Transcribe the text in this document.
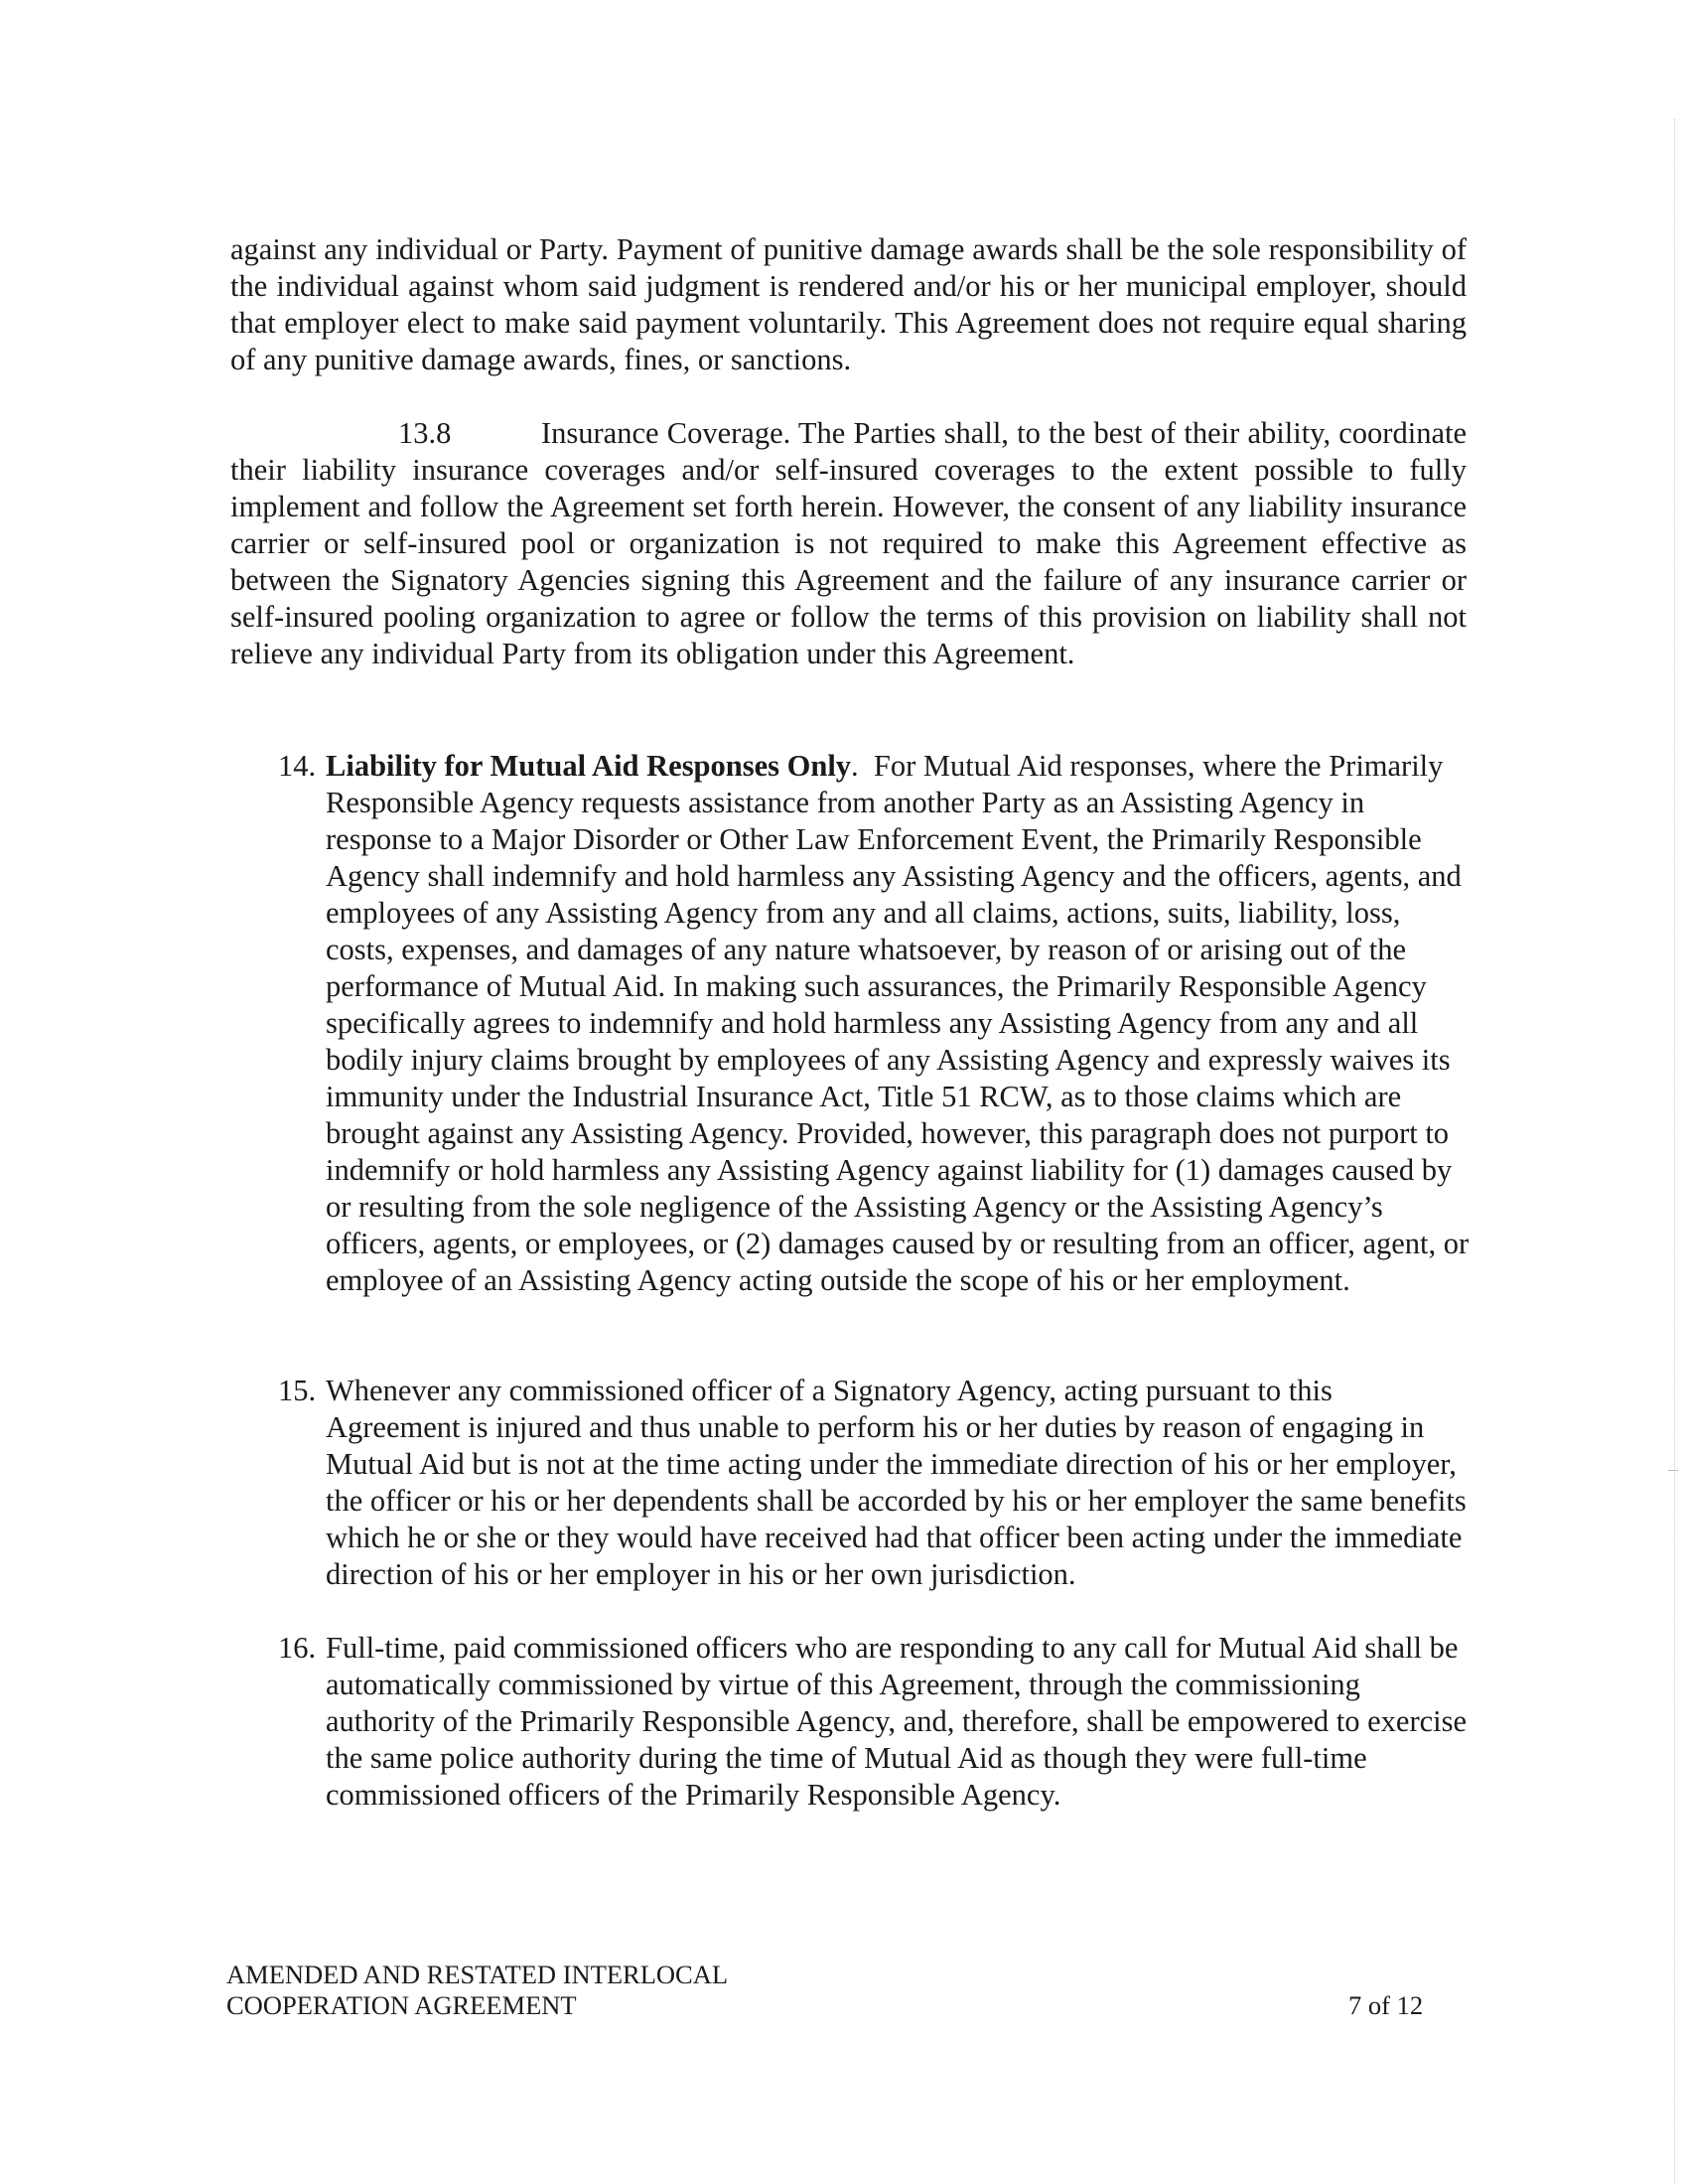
against any individual or Party. Payment of punitive damage awards shall be the sole responsibility of the individual against whom said judgment is rendered and/or his or her municipal employer, should that employer elect to make said payment voluntarily. This Agreement does not require equal sharing of any punitive damage awards, fines, or sanctions.

13.8	Insurance Coverage. The Parties shall, to the best of their ability, coordinate their liability insurance coverages and/or self-insured coverages to the extent possible to fully implement and follow the Agreement set forth herein. However, the consent of any liability insurance carrier or self-insured pool or organization is not required to make this Agreement effective as between the Signatory Agencies signing this Agreement and the failure of any insurance carrier or self-insured pooling organization to agree or follow the terms of this provision on liability shall not relieve any individual Party from its obligation under this Agreement.

14. Liability for Mutual Aid Responses Only. For Mutual Aid responses, where the Primarily Responsible Agency requests assistance from another Party as an Assisting Agency in response to a Major Disorder or Other Law Enforcement Event, the Primarily Responsible Agency shall indemnify and hold harmless any Assisting Agency and the officers, agents, and employees of any Assisting Agency from any and all claims, actions, suits, liability, loss, costs, expenses, and damages of any nature whatsoever, by reason of or arising out of the performance of Mutual Aid. In making such assurances, the Primarily Responsible Agency specifically agrees to indemnify and hold harmless any Assisting Agency from any and all bodily injury claims brought by employees of any Assisting Agency and expressly waives its immunity under the Industrial Insurance Act, Title 51 RCW, as to those claims which are brought against any Assisting Agency. Provided, however, this paragraph does not purport to indemnify or hold harmless any Assisting Agency against liability for (1) damages caused by or resulting from the sole negligence of the Assisting Agency or the Assisting Agency’s officers, agents, or employees, or (2) damages caused by or resulting from an officer, agent, or employee of an Assisting Agency acting outside the scope of his or her employment.
15. Whenever any commissioned officer of a Signatory Agency, acting pursuant to this Agreement is injured and thus unable to perform his or her duties by reason of engaging in Mutual Aid but is not at the time acting under the immediate direction of his or her employer, the officer or his or her dependents shall be accorded by his or her employer the same benefits which he or she or they would have received had that officer been acting under the immediate direction of his or her employer in his or her own jurisdiction.
16. Full-time, paid commissioned officers who are responding to any call for Mutual Aid shall be automatically commissioned by virtue of this Agreement, through the commissioning authority of the Primarily Responsible Agency, and, therefore, shall be empowered to exercise the same police authority during the time of Mutual Aid as though they were full-time commissioned officers of the Primarily Responsible Agency.
AMENDED AND RESTATED INTERLOCAL
COOPERATION AGREEMENT	7 of 12
